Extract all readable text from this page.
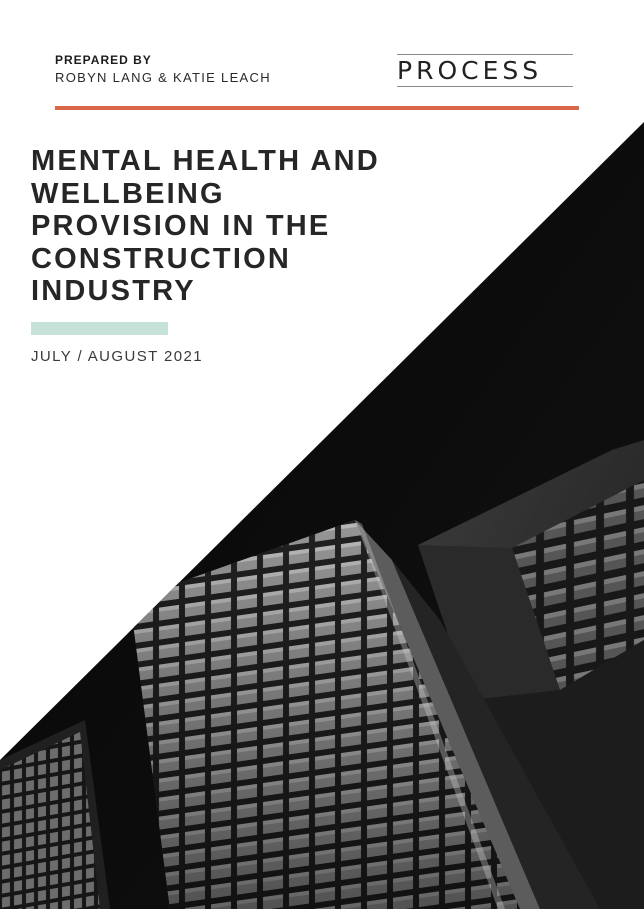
PREPARED BY
ROBYN LANG & KATIE LEACH	PROCESS
MENTAL HEALTH AND
WELLBEING
PROVISION IN THE
CONSTRUCTION
INDUSTRY
JULY / AUGUST 2021
